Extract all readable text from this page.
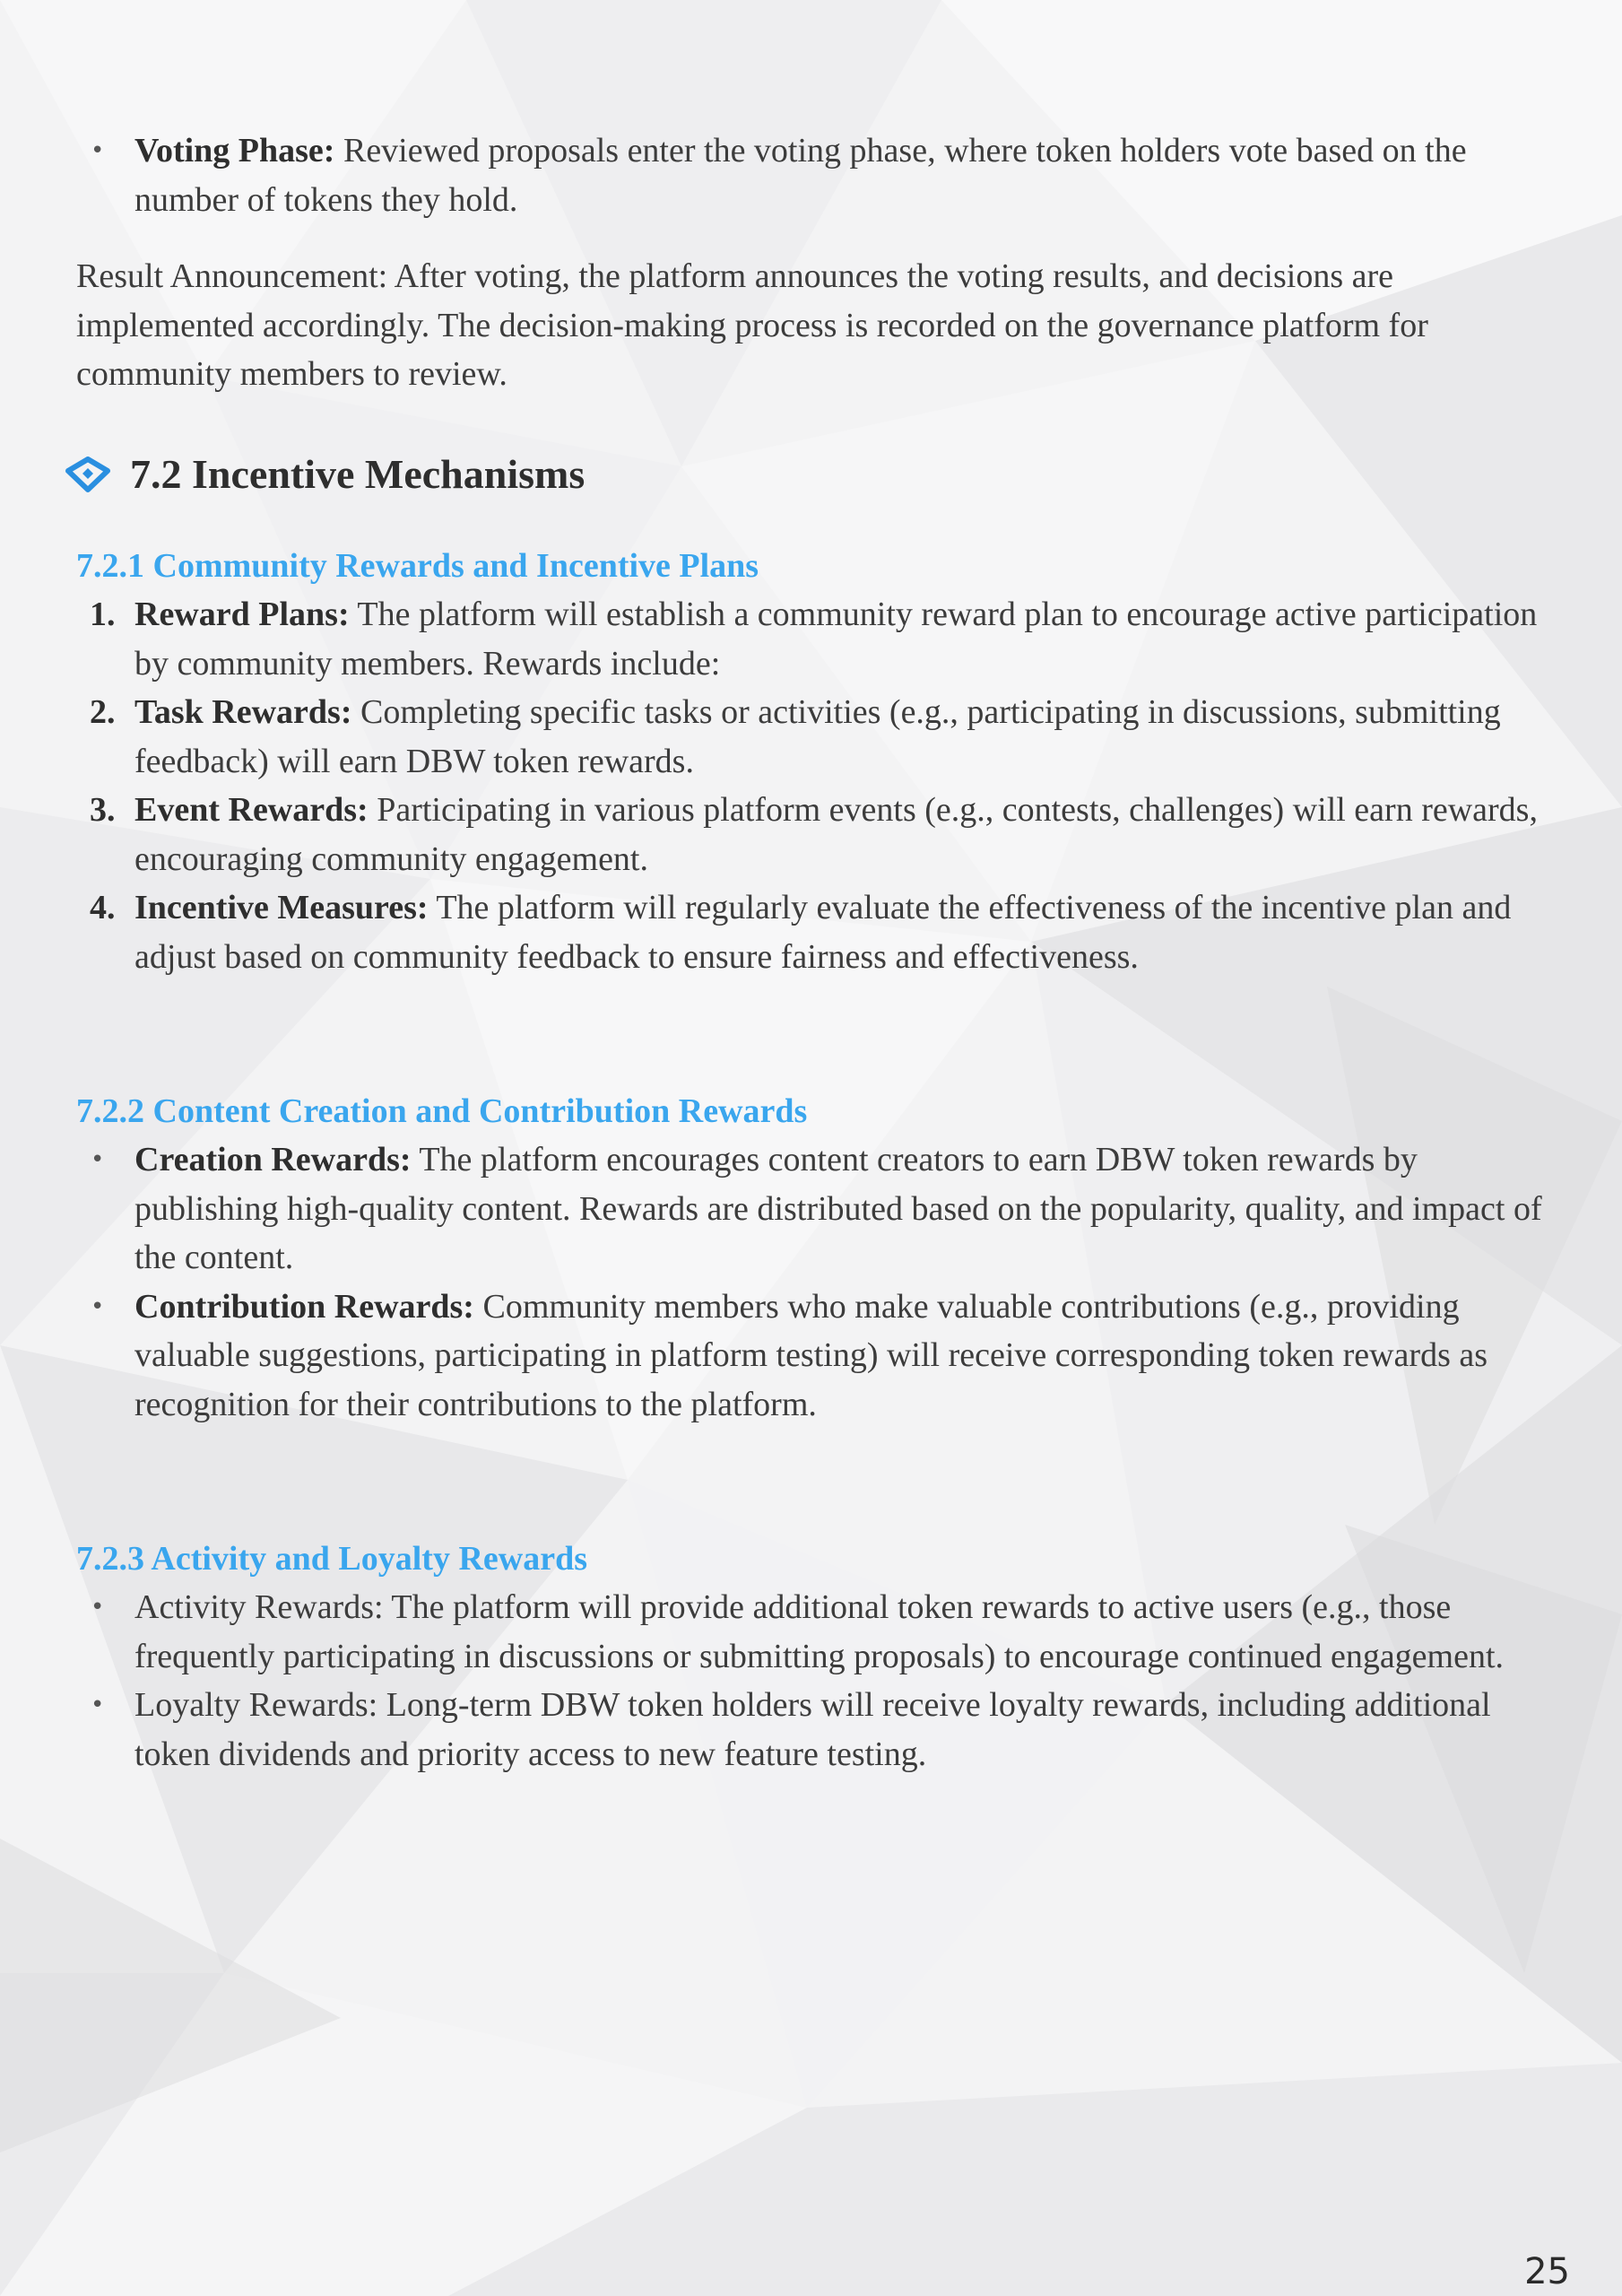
• Voting Phase: Reviewed proposals enter the voting phase, where token holders vote based on the number of tokens they hold.
Result Announcement: After voting, the platform announces the voting results, and decisions are implemented accordingly. The decision-making process is recorded on the governance platform for community members to review.
7.2 Incentive Mechanisms
7.2.1 Community Rewards and Incentive Plans
1. Reward Plans: The platform will establish a community reward plan to encourage active participation by community members. Rewards include:
2. Task Rewards: Completing specific tasks or activities (e.g., participating in discussions, submitting feedback) will earn DBW token rewards.
3. Event Rewards: Participating in various platform events (e.g., contests, challenges) will earn rewards, encouraging community engagement.
4. Incentive Measures: The platform will regularly evaluate the effectiveness of the incentive plan and adjust based on community feedback to ensure fairness and effectiveness.
7.2.2 Content Creation and Contribution Rewards
• Creation Rewards: The platform encourages content creators to earn DBW token rewards by publishing high-quality content. Rewards are distributed based on the popularity, quality, and impact of the content.
• Contribution Rewards: Community members who make valuable contributions (e.g., providing valuable suggestions, participating in platform testing) will receive corresponding token rewards as recognition for their contributions to the platform.
7.2.3 Activity and Loyalty Rewards
• Activity Rewards: The platform will provide additional token rewards to active users (e.g., those frequently participating in discussions or submitting proposals) to encourage continued engagement.
• Loyalty Rewards: Long-term DBW token holders will receive loyalty rewards, including additional token dividends and priority access to new feature testing.
25
